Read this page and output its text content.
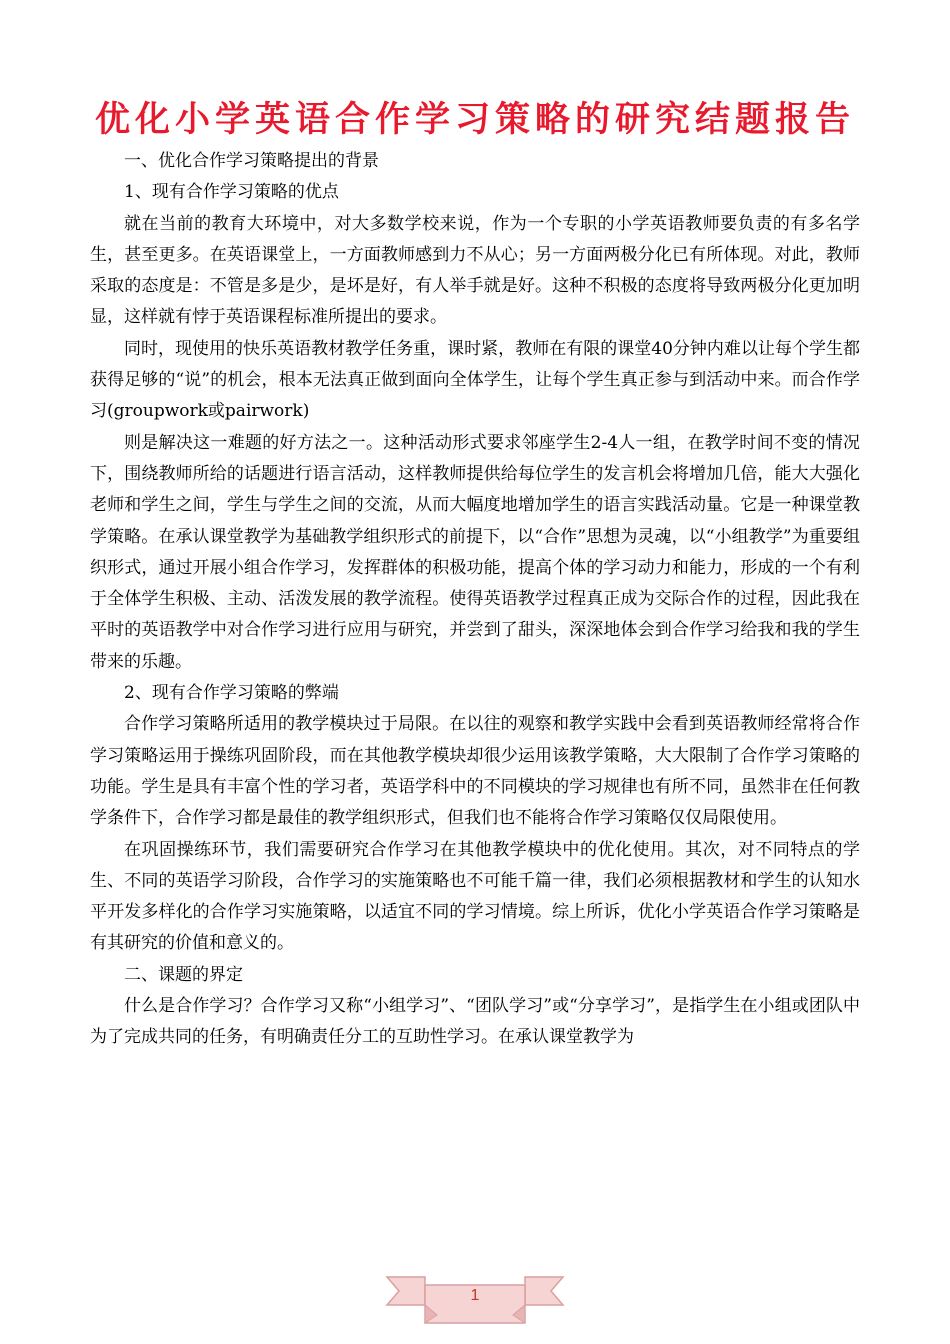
优化小学英语合作学习策略的研究结题报告

一、优化合作学习策略提出的背景

1、现有合作学习策略的优点

就在当前的教育大环境中，对大多数学校来说，作为一个专职的小学英语教师要负责的有多名学生，甚至更多。在英语课堂上，一方面教师感到力不从心；另一方面两极分化已有所体现。对此，教师采取的态度是：不管是多是少，是坏是好，有人举手就是好。这种不积极的态度将导致两极分化更加明显，这样就有悖于英语课程标准所提出的要求。

同时，现使用的快乐英语教材教学任务重，课时紧，教师在有限的课堂40分钟内难以让每个学生都获得足够的“说”的机会，根本无法真正做到面向全体学生，让每个学生真正参与到活动中来。而合作学习(groupwork或pairwork)

则是解决这一难题的好方法之一。这种活动形式要求邻座学生2-4人一组，在教学时间不变的情况下，围绕教师所给的话题进行语言活动，这样教师提供给每位学生的发言机会将增加几倍，能大大强化老师和学生之间，学生与学生之间的交流，从而大幅度地增加学生的语言实践活动量。它是一种课堂教学策略。在承认课堂教学为基础教学组织形式的前提下，以“合作”思想为灵魂，以“小组教学”为重要组织形式，通过开展小组合作学习，发挥群体的积极功能，提高个体的学习动力和能力，形成的一个有利于全体学生积极、主动、活泼发展的教学流程。使得英语教学过程真正成为交际合作的过程，因此我在平时的英语教学中对合作学习进行应用与研究，并尝到了甜头，深深地体会到合作学习给我和我的学生带来的乐趣。

2、现有合作学习策略的弊端

合作学习策略所适用的教学模块过于局限。在以往的观察和教学实践中会看到英语教师经常将合作学习策略运用于操练巩固阶段，而在其他教学模块却很少运用该教学策略，大大限制了合作学习策略的功能。学生是具有丰富个性的学习者，英语学科中的不同模块的学习规律也有所不同，虽然非在任何教学条件下，合作学习都是最佳的教学组织形式，但我们也不能将合作学习策略仅仅局限使用。

在巩固操练环节，我们需要研究合作学习在其他教学模块中的优化使用。其次，对不同特点的学生、不同的英语学习阶段，合作学习的实施策略也不可能千篇一律，我们必须根据教材和学生的认知水平开发多样化的合作学习实施策略，以适宜不同的学习情境。综上所诉，优化小学英语合作学习策略是有其研究的价值和意义的。

二、课题的界定

什么是合作学习？合作学习又称“小组学习”、“团队学习”或“分享学习”，是指学生在小组或团队中为了完成共同的任务，有明确责任分工的互助性学习。在承认课堂教学为

1
